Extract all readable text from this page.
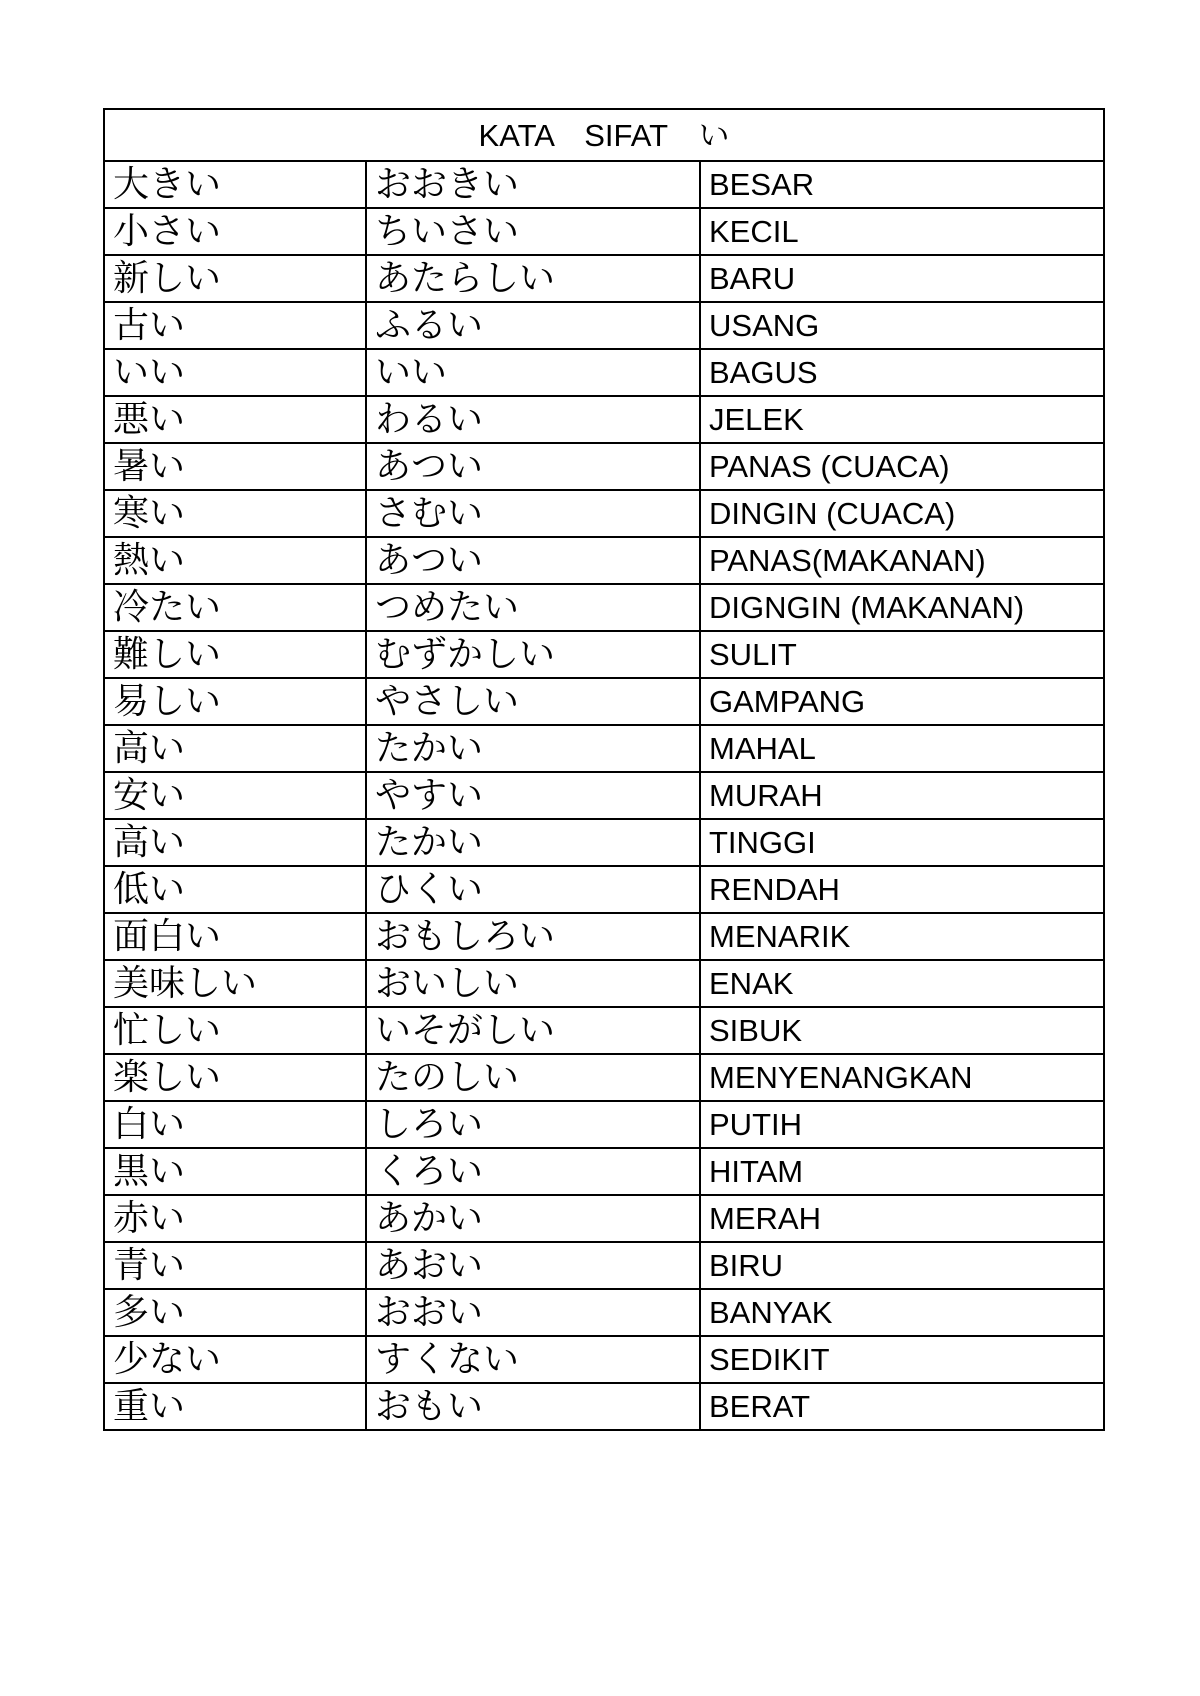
KATA　SIFAT　い		
大きい	おおきい	BESAR
小さい	ちいさい	KECIL
新しい	あたらしい	BARU
古い	ふるい	USANG
いい	いい	BAGUS
悪い	わるい	JELEK
暑い	あつい	PANAS (CUACA)
寒い	さむい	DINGIN (CUACA)
熱い	あつい	PANAS(MAKANAN)
冷たい	つめたい	DIGNGIN (MAKANAN)
難しい	むずかしい	SULIT
易しい	やさしい	GAMPANG
高い	たかい	MAHAL
安い	やすい	MURAH
高い	たかい	TINGGI
低い	ひくい	RENDAH
面白い	おもしろい	MENARIK
美味しい	おいしい	ENAK
忙しい	いそがしい	SIBUK
楽しい	たのしい	MENYENANGKAN
白い	しろい	PUTIH
黒い	くろい	HITAM
赤い	あかい	MERAH
青い	あおい	BIRU
多い	おおい	BANYAK
少ない	すくない	SEDIKIT
重い	おもい	BERAT
